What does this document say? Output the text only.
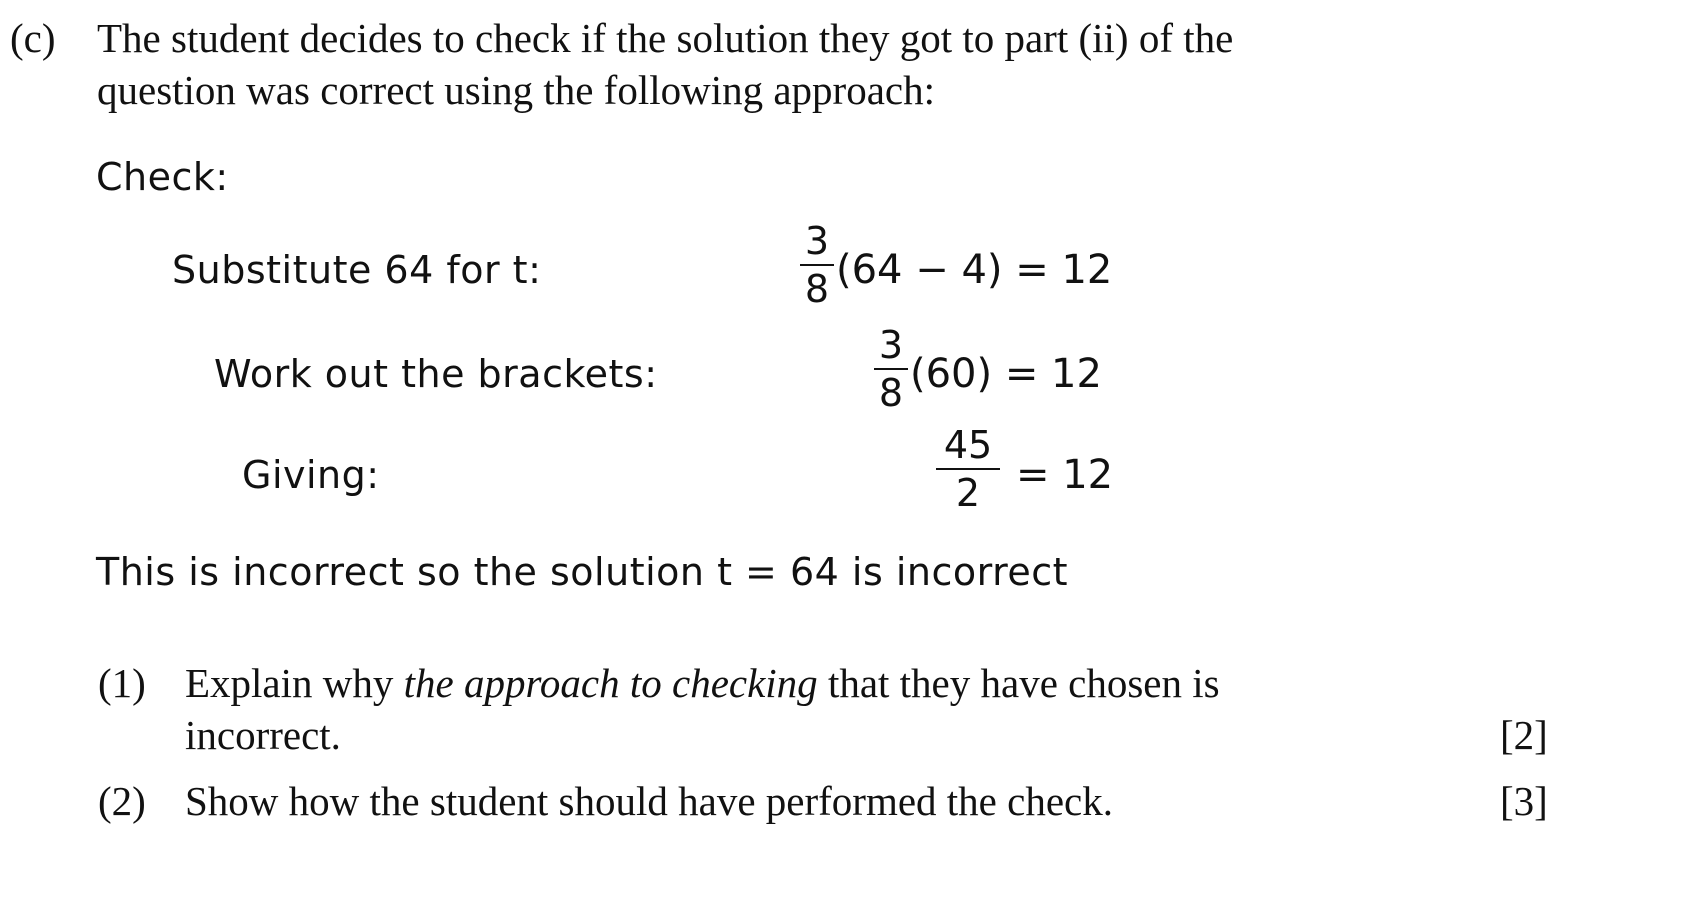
(c) The student decides to check if the solution they got to part (ii) of the
question was correct using the following approach:
Check:
Substitute 64 for t:
3
8 (64 − 4) = 12
Work out the brackets:
3
8 (60) = 12
Giving:
45
2 = 12
This is incorrect so the solution t = 64 is incorrect
(1) Explain why the approach to checking that they have chosen is
incorrect.	[2]
(2) Show how the student should have performed the check.	[3]
